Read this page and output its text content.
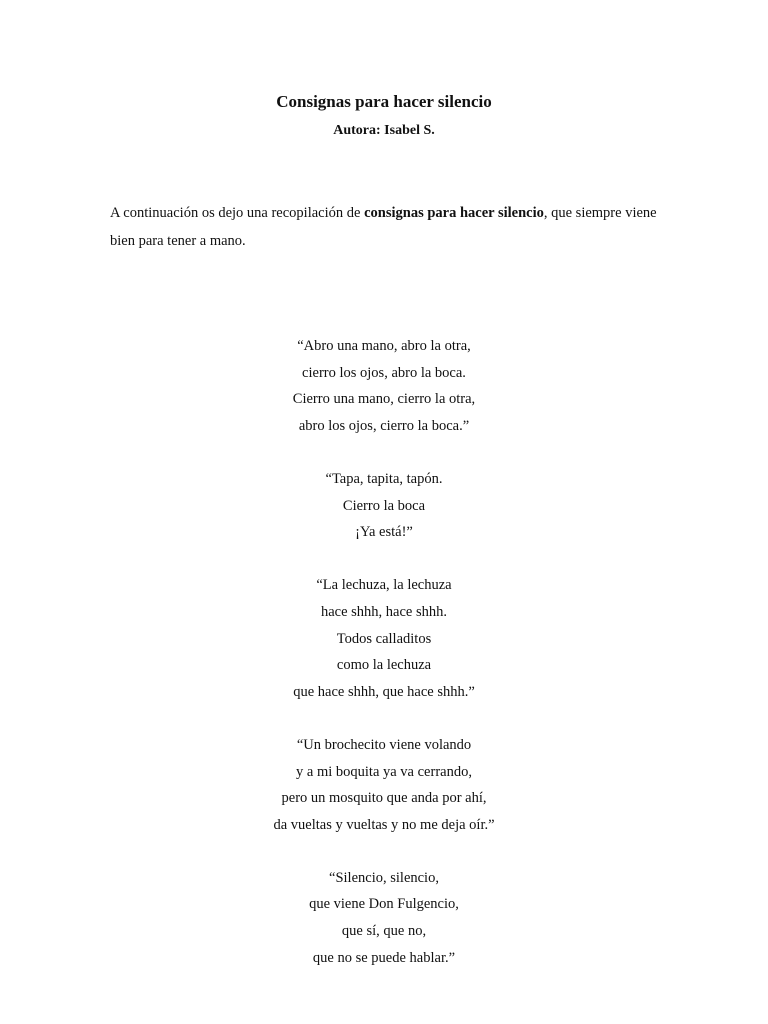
Consignas para hacer silencio
Autora: Isabel S.

A continuación os dejo una recopilación de consignas para hacer silencio, que siempre viene bien para tener a mano.

“Abro una mano, abro la otra,
cierro los ojos, abro la boca.
Cierro una mano, cierro la otra,
abro los ojos, cierro la boca.”
“Tapa, tapita, tapón.
Cierro la boca
¡Ya está!”
“La lechuza, la lechuza
hace shhh, hace shhh.
Todos calladitos
como la lechuza
que hace shhh, que hace shhh.”
“Un brochecito viene volando
y a mi boquita ya va cerrando,
pero un mosquito que anda por ahí,
da vueltas y vueltas y no me deja oír.”
“Silencio, silencio,
que viene Don Fulgencio,
que sí, que no,
que no se puede hablar.”
